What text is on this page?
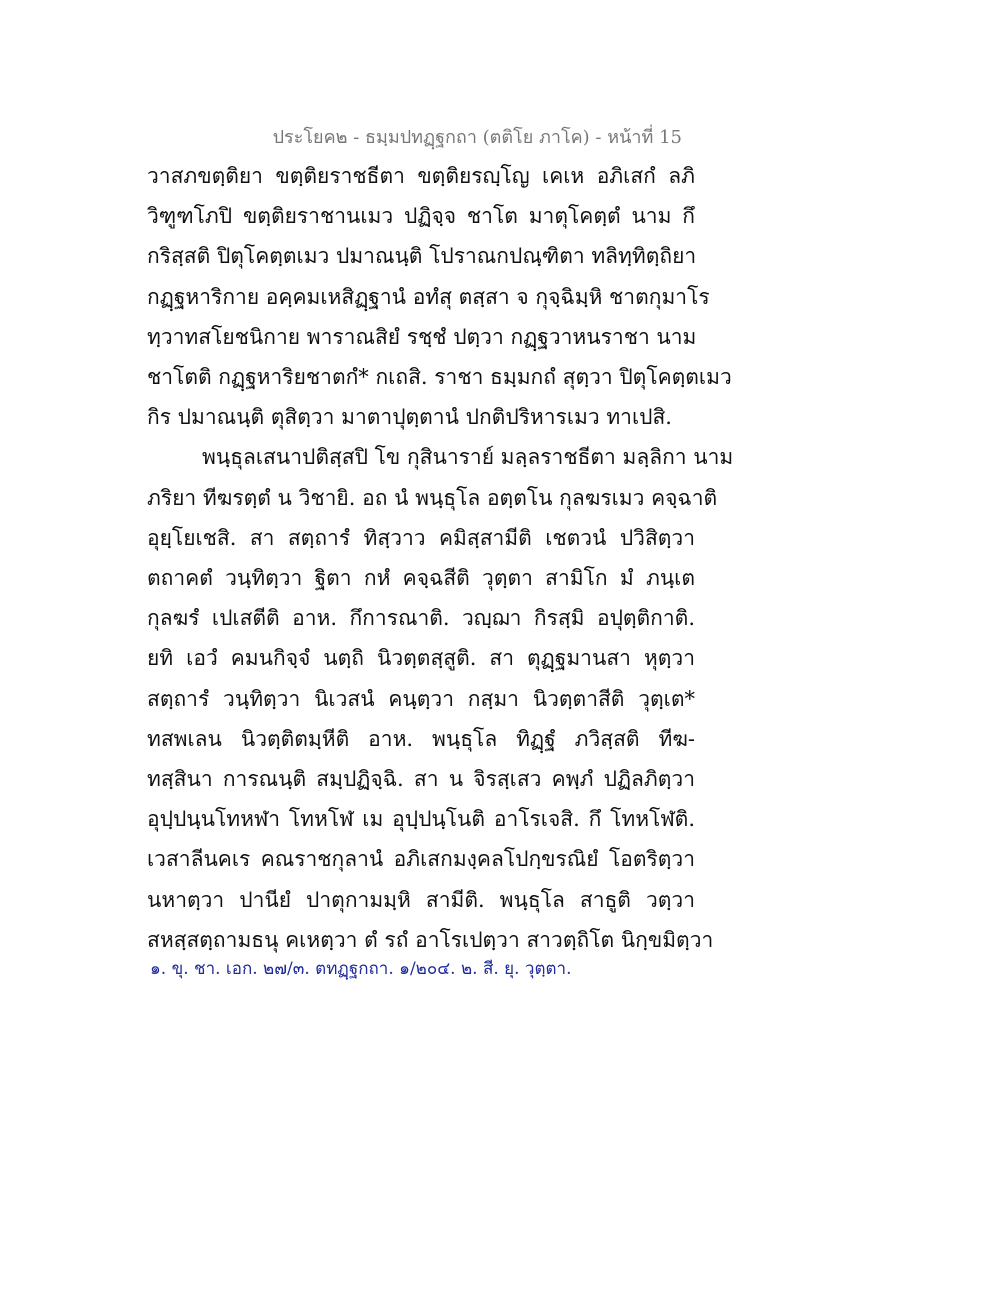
ประโยค๒ - ธมฺมปทฏฺฐกถา (ตติโย ภาโค) - หน้าที่ 15
วาสภขตฺติยา ขตฺติยราชธีตา ขตฺติยรญฺโญ เคเห อภิเสกํ ลภิ
วิฑูฑโภปิ ขตฺติยราชานเมว ปฏิจฺจ ชาโต มาตุโคตฺตํ นาม กึ
กริสฺสติ ปิตุโคตฺตเมว ปมาณนฺติ โปราณกปณฺฑิตา ทลิทฺทิตฺถิยา
กฏฺฐหาริกาย อคฺคมเหสิฏฺฐานํ อทํสุ ตสฺสา จ กุจฺฉิมฺหิ ชาตกุมาโร
ทฺวาทสโยชนิกาย พาราณสิยํ รชฺชํ ปตฺวา กฏฺฐวาหนราชา นาม
ชาโตติ กฏฺฐหาริยชาตกํ* กเถสิ. ราชา ธมฺมกถํ สุตฺวา ปิตุโคตฺตเมว
กิร ปมาณนฺติ ตุสิตฺวา มาตาปุตฺตานํ ปกติปริหารเมว ทาเปสิ.
พนฺธุลเสนาปติสฺสปิ โข กุสินาราย์ มลฺลราชธีตา มลฺลิกา นาม
ภริยา ทีฆรตฺตํ น วิชายิ. อถ นํ พนฺธุโล อตฺตโน กุลฆรเมว คจฺฉาติ
อุยฺโยเชสิ. สา สตฺถารํ ทิสฺวาว คมิสฺสามีติ เชตวนํ ปวิสิตฺวา
ตถาคตํ วนฺทิตฺวา ฐิตา กหํ คจฺฉสีติ วุตฺตา สามิโก มํ ภนฺเต
กุลฆรํ เปเสตีติ อาห. กึการณาติ. วญฺฌา กิรสฺมิ อปุตฺติกาติ.
ยทิ เอวํ คมนกิจฺจํ นตฺถิ นิวตฺตสฺสูติ. สา ตุฏฺฐมานสา หุตฺวา
สตฺถารํ วนฺทิตฺวา นิเวสนํ คนฺตฺวา กสฺมา นิวตฺตาสีติ วุตฺเต*
ทสพเลน นิวตฺติตมฺหีติ อาห. พนฺธุโล ทิฏฺฐํ ภวิสฺสติ ทีฆ-
ทสฺสินา การณนฺติ สมฺปฏิจฺฉิ. สา น จิรสฺเสว คพฺภํ ปฏิลภิตฺวา
อุปฺปนฺนโทหฬา โทหโฬ เม อุปฺปนฺโนติ อาโรเจสิ. กึ โทหโฬติ.
เวสาลีนคเร คณราชกุลานํ อภิเสกมงฺคลโปกฺขรณิยํ โอตริตฺวา
นหาตฺวา ปานียํ ปาตุกามมฺหิ สามีติ. พนฺธุโล สาธูติ วตฺวา
สหสฺสตฺถามธนุ คเหตฺวา ตํ รถํ อาโรเปตฺวา สาวตฺถิโต นิกฺขมิตฺวา
๑. ขุ. ชา. เอก. ๒๗/๓. ตทฏฺฐกถา. ๑/๒๐๔. ๒. สี. ยุ. วุตฺตา.
